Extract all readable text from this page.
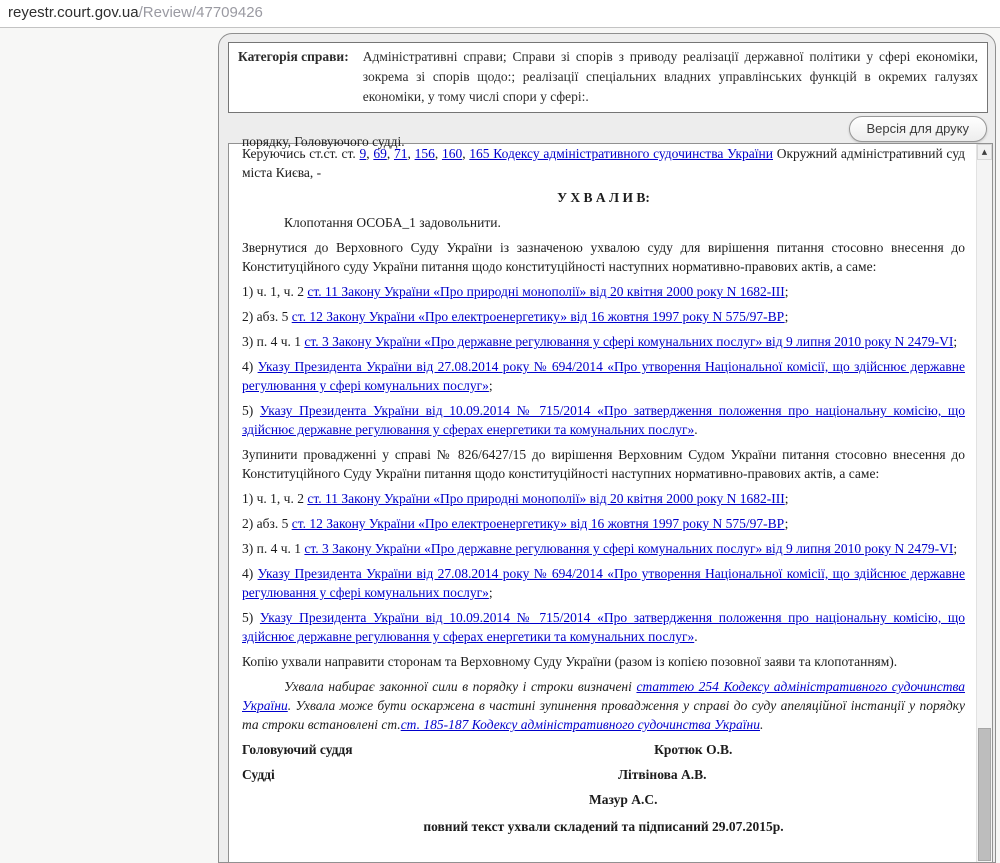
reyestr.court.gov.ua/Review/47709426
Категорія справи: Адміністративні справи; Справи зі спорів з приводу реалізації державної політики у сфері економіки, зокрема зі спорів щодо:; реалізації спеціальних владних управлінських функцій в окремих галузях економіки, у тому числі спори у сфері:.
Версія для друку

порядку, Головуючого судді.

Керуючись ст.ст. ст. 9, 69, 71, 156, 160, 165 Кодексу адміністративного судочинства України Окружний адміністративний суд міста Києва, -

У Х В А Л И В:

Клопотання ОСОБА_1 задовольнити.

Звернутися до Верховного Суду України із зазначеною ухвалою суду для вирішення питання стосовно внесення до Конституційного суду України питання щодо конституційності наступних нормативно-правових актів, а саме:

1) ч. 1, ч. 2 ст. 11 Закону України «Про природні монополії» від 20 квітня 2000 року N 1682-III;

2) абз. 5 ст. 12 Закону України «Про електроенергетику» від 16 жовтня 1997 року N 575/97-ВР;

3) п. 4 ч. 1 ст. 3 Закону України «Про державне регулювання у сфері комунальних послуг» від 9 липня 2010 року N 2479-VI;

4) Указу Президента України від 27.08.2014 року № 694/2014 «Про утворення Національної комісії, що здійснює державне регулювання у сфері комунальних послуг»;

5) Указу Президента України від 10.09.2014 № 715/2014 «Про затвердження положення про національну комісію, що здійснює державне регулювання у сферах енергетики та комунальних послуг».

Зупинити провадженні у справі № 826/6427/15 до вирішення Верховним Судом України питання стосовно внесення до Конституційного Суду України питання щодо конституційності наступних нормативно-правових актів, а саме:

1) ч. 1, ч. 2 ст. 11 Закону України «Про природні монополії» від 20 квітня 2000 року N 1682-III;

2) абз. 5 ст. 12 Закону України «Про електроенергетику» від 16 жовтня 1997 року N 575/97-ВР;

3) п. 4 ч. 1 ст. 3 Закону України «Про державне регулювання у сфері комунальних послуг» від 9 липня 2010 року N 2479-VI;

4) Указу Президента України від 27.08.2014 року № 694/2014 «Про утворення Національної комісії, що здійснює державне регулювання у сфері комунальних послуг»;

5) Указу Президента України від 10.09.2014 № 715/2014 «Про затвердження положення про національну комісію, що здійснює державне регулювання у сферах енергетики та комунальних послуг».

Копію ухвали направити сторонам та Верховному Суду України (разом із копією позовної заяви та клопотанням).

Ухвала набирає законної сили в порядку і строки визначені статтею 254 Кодексу адміністративного судочинства України. Ухвала може бути оскаржена в частині зупинення провадження у справі до суду апеляційної інстанції у порядку та строки встановлені ст.ст. 185-187 Кодексу адміністративного судочинства України.

Головуючий суддя	Кротюк О.В.
Судді	Літвінова А.В.
Мазур А.С.
повний текст ухвали складений та підписаний 29.07.2015р.
▲
